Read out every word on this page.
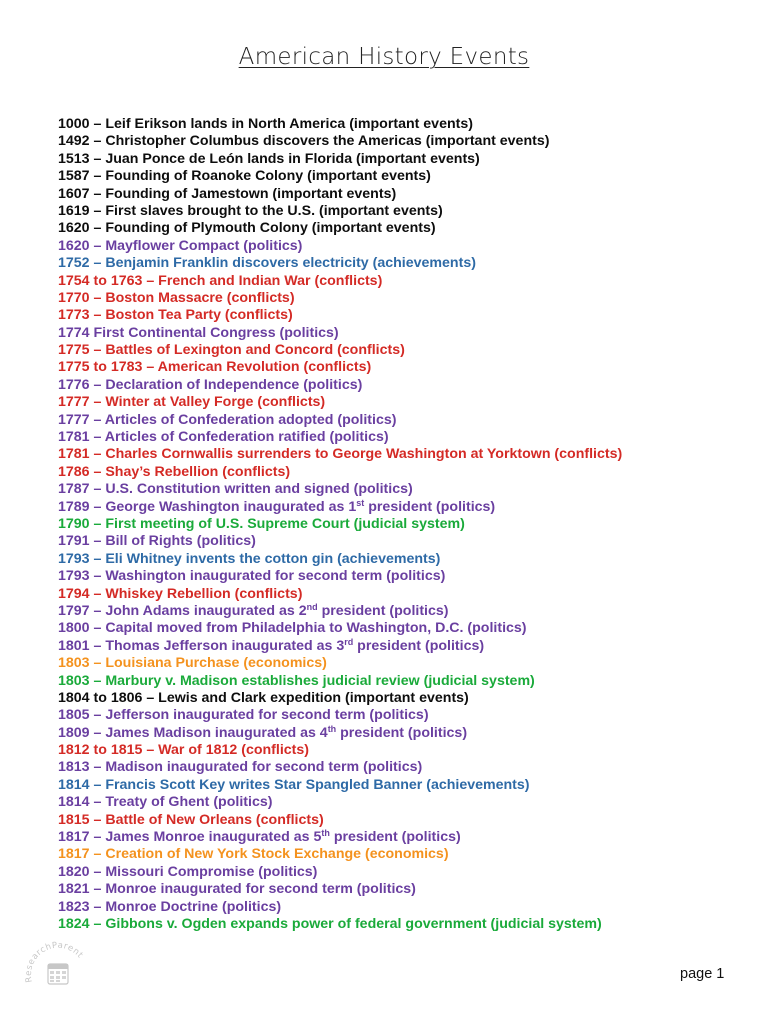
American History Events
1000 – Leif Erikson lands in North America (important events)
1492 – Christopher Columbus discovers the Americas (important events)
1513 – Juan Ponce de León lands in Florida (important events)
1587 – Founding of Roanoke Colony (important events)
1607 – Founding of Jamestown (important events)
1619 – First slaves brought to the U.S. (important events)
1620 – Founding of Plymouth Colony (important events)
1620 – Mayflower Compact (politics)
1752 – Benjamin Franklin discovers electricity (achievements)
1754 to 1763 – French and Indian War (conflicts)
1770 – Boston Massacre (conflicts)
1773 – Boston Tea Party (conflicts)
1774 First Continental Congress (politics)
1775 – Battles of Lexington and Concord (conflicts)
1775 to 1783 – American Revolution (conflicts)
1776 – Declaration of Independence (politics)
1777 – Winter at Valley Forge (conflicts)
1777 – Articles of Confederation adopted (politics)
1781 – Articles of Confederation ratified (politics)
1781 – Charles Cornwallis surrenders to George Washington at Yorktown (conflicts)
1786 – Shay’s Rebellion (conflicts)
1787 – U.S. Constitution written and signed (politics)
1789 – George Washington inaugurated as 1st president (politics)
1790 – First meeting of U.S. Supreme Court (judicial system)
1791 – Bill of Rights (politics)
1793 – Eli Whitney invents the cotton gin (achievements)
1793 – Washington inaugurated for second term (politics)
1794 – Whiskey Rebellion (conflicts)
1797 – John Adams inaugurated as 2nd president (politics)
1800 – Capital moved from Philadelphia to Washington, D.C. (politics)
1801 – Thomas Jefferson inaugurated as 3rd president (politics)
1803 – Louisiana Purchase (economics)
1803 – Marbury v. Madison establishes judicial review (judicial system)
1804 to 1806 – Lewis and Clark expedition (important events)
1805 – Jefferson inaugurated for second term (politics)
1809 – James Madison inaugurated as 4th president (politics)
1812 to 1815 – War of 1812 (conflicts)
1813 – Madison inaugurated for second term (politics)
1814 – Francis Scott Key writes Star Spangled Banner (achievements)
1814 – Treaty of Ghent (politics)
1815 – Battle of New Orleans (conflicts)
1817 – James Monroe inaugurated as 5th president (politics)
1817 – Creation of New York Stock Exchange (economics)
1820 – Missouri Compromise (politics)
1821 – Monroe inaugurated for second term (politics)
1823 – Monroe Doctrine (politics)
1824 – Gibbons v. Ogden expands power of federal government (judicial system)
ResearchParent
page 1
